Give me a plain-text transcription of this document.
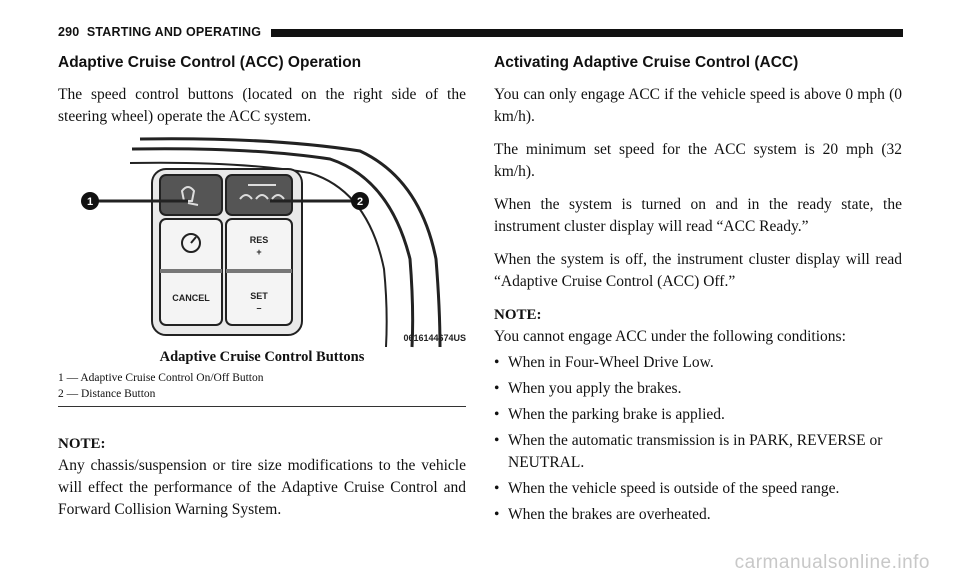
290 STARTING AND OPERATING
Adaptive Cruise Control (ACC) Operation

The speed control buttons (located on the right side of the steering wheel) operate the ACC system.

CANCEL
RES
+
SET
–
1	2
0616144674US
Adaptive Cruise Control Buttons
1 — Adaptive Cruise Control On/Off Button
2 — Distance Button
NOTE:

Any chassis/suspension or tire size modifications to the vehicle will effect the performance of the Adaptive Cruise Control and Forward Collision Warning System.

Activating Adaptive Cruise Control (ACC)

You can only engage ACC if the vehicle speed is above 0 mph (0 km/h).

The minimum set speed for the ACC system is 20 mph (32 km/h).

When the system is turned on and in the ready state, the instrument cluster display will read “ACC Ready.”

When the system is off, the instrument cluster display will read “Adaptive Cruise Control (ACC) Off.”

NOTE:

You cannot engage ACC under the following conditions:

• When in Four-Wheel Drive Low.
• When you apply the brakes.
• When the parking brake is applied.
• When the automatic transmission is in PARK, REVERSE or NEUTRAL.
• When the vehicle speed is outside of the speed range.
• When the brakes are overheated.
carmanualsonline.info
